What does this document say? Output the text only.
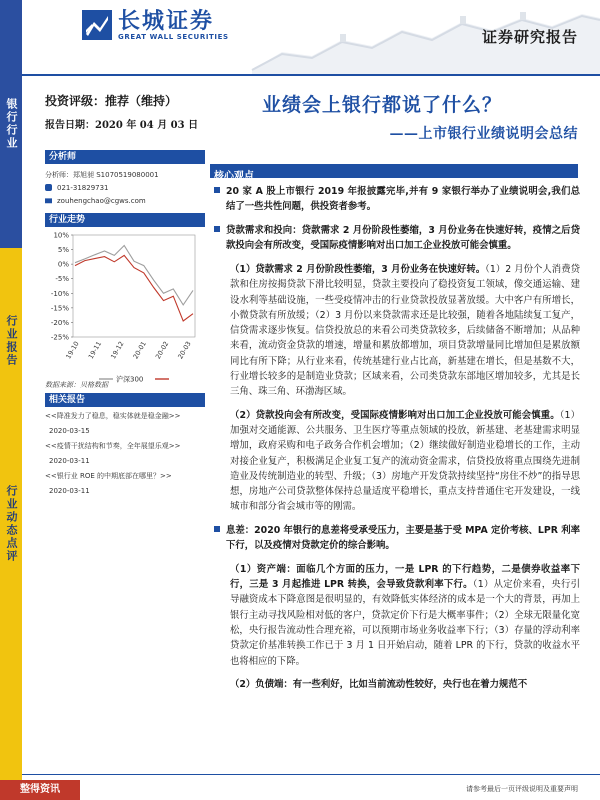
银行行业
行业报告
行业动态点评
长城证券
GREAT WALL SECURITIES	证券研究报告
投资评级：推荐（维持）
报告日期：2020 年 04 月 03 日
业绩会上银行都说了什么？
——上市银行业绩说明会总结
分析师
分析师：郑旭昶 S1070519080001
021-31829731
zouhengchao@cgws.com
行业走势
10%
5%
0%
-5%
-10%
-15%
-20%
-25%
19-10 19-11 19-12 20-01 20-02 20-03
沪深300
数据来源：贝格数据
相关报告
<<降准发力了稳息，稳实体就是稳金融>>
2020-03-15
<<疫情干扰结构和节奏，全年展望乐观>>
2020-03-11
<<银行业 ROE 的中期底部在哪里？>>
2020-03-11
核心观点
20 家 A 股上市银行 2019 年报披露完毕,并有 9 家银行举办了业绩说明会,我们总结了一些共性问题，供投资者参考。
贷款需求和投向：贷款需求 2 月份阶段性萎缩，3 月份业务在快速好转，疫情之后贷款投向会有所改变，受国际疫情影响对出口加工企业投放可能会慎重。
（1）贷款需求 2 月份阶段性萎缩，3 月份业务在快速好转。（1）2 月份个人消费贷款和住房按揭贷款下滑比较明显，贷款主要投向了稳投资复工领域，像交通运输、建设水利等基础设施，一些受疫情冲击的行业贷款投放显著放缓。大中客户有所增长，小微贷款有所放缓；（2）3 月份以来贷款需求还是比较强，随着各地陆续复工复产，信贷需求逐步恢复。信贷投放总的来看公司类贷款较多，后续储备不断增加；从品种来看，流动资金贷款的增速，增量和累放都增加，项目贷款增量同比增加但是累放额同比有所下降；从行业来看，传统基建行业占比高，新基建在增长，但是基数不大，行业增长较多的是制造业贷款；区域来看，公司类贷款东部地区增加较多，尤其是长三角、珠三角、环渤海区域。
（2）贷款投向会有所改变，受国际疫情影响对出口加工企业投放可能会慎重。（1）加强对交通能源、公共服务、卫生医疗等重点领域的投放，新基建、老基建需求明显增加，政府采购和电子政务合作机会增加；（2）继续做好制造业稳增长的工作，主动对接企业复产，积极满足企业复工复产的流动资金需求，信贷投放将重点围绕先进制造业及传统制造业的转型、升级；（3）房地产开发贷款持续坚持“房住不炒”的指导思想，房地产公司贷款整体保持总量适度平稳增长，重点支持普通住宅开发建设，一线城市和部分省会城市等的刚需。
息差：2020 年银行的息差将受承受压力，主要是基于受 MPA 定价考核、LPR 利率下行，以及疫情对贷款定价的综合影响。
（1）资产端：面临几个方面的压力，一是 LPR 的下行趋势，二是债券收益率下行，三是 3 月起推进 LPR 转换，会导致贷款利率下行。（1）从定价来看，央行引导融资成本下降意图是很明显的，有效降低实体经济的成本是一个大的背景，再加上银行主动寻找风险相对低的客户，贷款定价下行是大概率事件；（2）全球无限量化宽松，央行报告流动性合理充裕，可以预期市场业务收益率下行；（3）存量的浮动利率贷款定价基准转换工作已于 3 月 1 日开始启动，随着 LPR 的下行，贷款的收益水平也将相应的下降。
（2）负债端：有一些利好，比如当前流动性较好，央行也在着力规范不
整得资讯	请参考最后一页评级说明及重要声明
